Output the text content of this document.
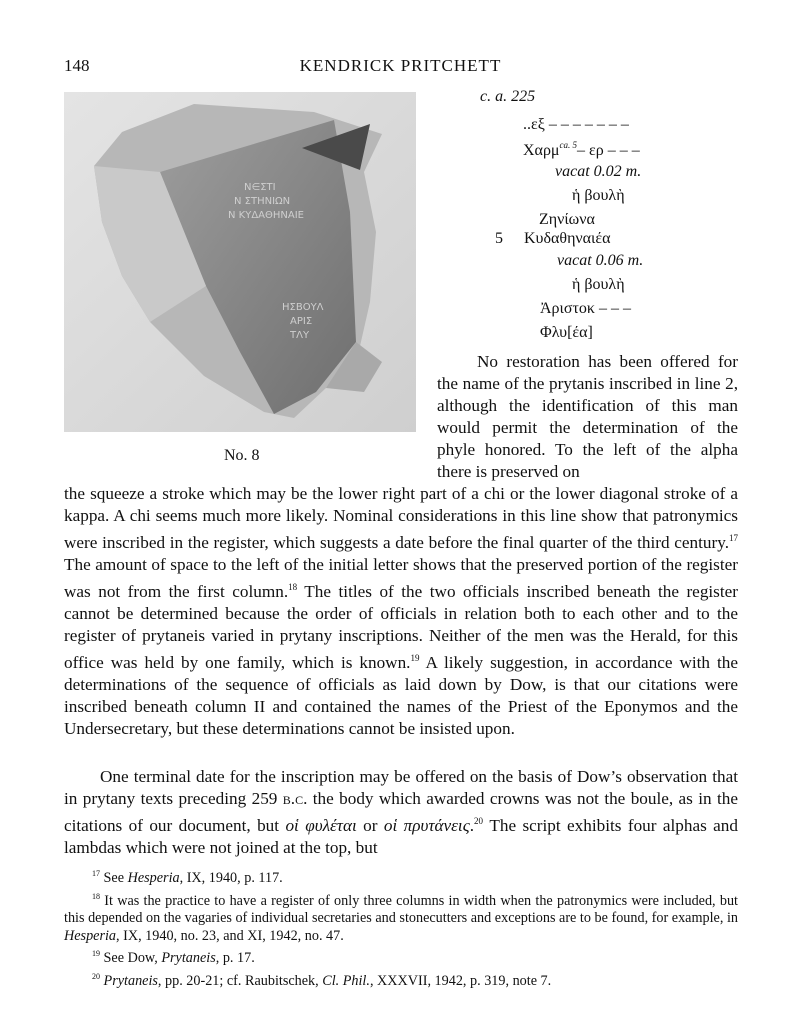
148	KENDRICK PRITCHETT
Ν∈ΣΤΙ
Ν ΣΤΗΝΙΩΝ
Ν ΚΥΔΑΘΗΝΑΙΕ
ΗΣΒΟΥΛ
ΑΡΙΣ
ΤΛΥ
No. 8
c. a. 225
..εξ – – – – – – –
Χαρμ$^{ca. 5}$– ερ – – –
vacat 0.02 m.
ἡ βουλὴ
Ζηνίωνα
5 Κυδαθηναιέα
vacat 0.06 m.
ἡ βουλὴ
Ἀριστοκ – – –
Φλυ[έα]
No restoration has been offered for the name of the prytanis inscribed in line 2, although the identification of this man would permit the determination of the phyle honored. To the left of the alpha there is preserved on
the squeeze a stroke which may be the lower right part of a chi or the lower diagonal stroke of a kappa. A chi seems much more likely. Nominal considerations in this line show that patronymics were inscribed in the register, which suggests a date before the final quarter of the third century.$^{17}$ The amount of space to the left of the initial letter shows that the preserved portion of the register was not from the first column.$^{18}$ The titles of the two officials inscribed beneath the register cannot be determined because the order of officials in relation both to each other and to the register of prytaneis varied in prytany inscriptions. Neither of the men was the Herald, for this office was held by one family, which is known.$^{19}$ A likely suggestion, in accordance with the determinations of the sequence of officials as laid down by Dow, is that our citations were inscribed beneath column II and contained the names of the Priest of the Eponymos and the Undersecretary, but these determinations cannot be insisted upon.
One terminal date for the inscription may be offered on the basis of Dow’s observation that in prytany texts preceding 259 b.c. the body which awarded crowns was not the boule, as in the citations of our document, but οἱ φυλέται or οἱ πρυτάνεις.$^{20}$ The script exhibits four alphas and lambdas which were not joined at the top, but
$^{17}$ See Hesperia, IX, 1940, p. 117.
$^{18}$ It was the practice to have a register of only three columns in width when the patronymics were included, but this depended on the vagaries of individual secretaries and stonecutters and exceptions are to be found, for example, in Hesperia, IX, 1940, no. 23, and XI, 1942, no. 47.
$^{19}$ See Dow, Prytaneis, p. 17.
$^{20}$ Prytaneis, pp. 20-21; cf. Raubitschek, Cl. Phil., XXXVII, 1942, p. 319, note 7.
